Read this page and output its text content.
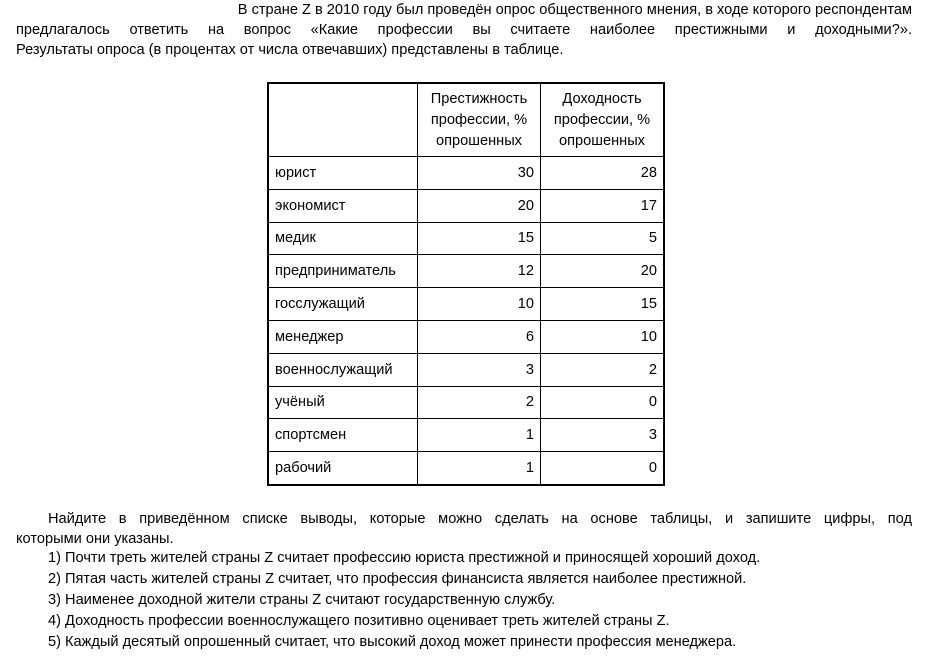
В стране Z в 2010 году был проведён опрос общественного мнения, в ходе которого респондентам
предлагалось ответить на вопрос «Какие профессии вы считаете наиболее престижными и доходными?».
Результаты опроса (в процентах от числа отвечавших) представлены в таблице.

	Престижность профессии, % опрошенных	Доходность профессии, % опрошенных
юрист	30	28
экономист	20	17
медик	15	5
предприниматель	12	20
госслужащий	10	15
менеджер	6	10
военнослужащий	3	2
учёный	2	0
спортсмен	1	3
рабочий	1	0

Найдите в приведённом списке выводы, которые можно сделать на основе таблицы, и запишите цифры, под
которыми они указаны.

1) Почти треть жителей страны Z считает профессию юриста престижной и приносящей хороший доход.
2) Пятая часть жителей страны Z считает, что профессия финансиста является наиболее престижной.
3) Наименее доходной жители страны Z считают государственную службу.
4) Доходность профессии военнослужащего позитивно оценивает треть жителей страны Z.
5) Каждый десятый опрошенный считает, что высокий доход может принести профессия менеджера.
